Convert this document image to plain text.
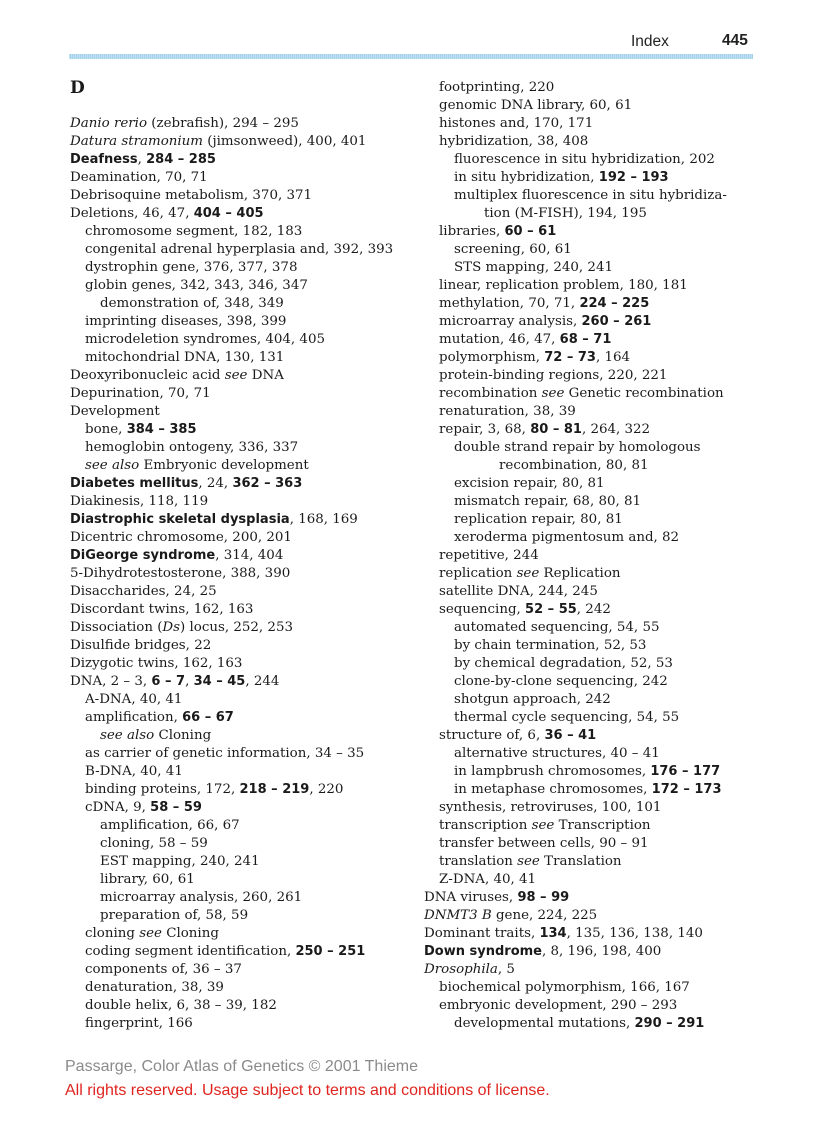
Index	445
D
Danio rerio (zebrafish), 294 – 295
Datura stramonium (jimsonweed), 400, 401
Deafness, 284 – 285
Deamination, 70, 71
Debrisoquine metabolism, 370, 371
Deletions, 46, 47, 404 – 405
chromosome segment, 182, 183
congenital adrenal hyperplasia and, 392, 393
dystrophin gene, 376, 377, 378
globin genes, 342, 343, 346, 347
demonstration of, 348, 349
imprinting diseases, 398, 399
microdeletion syndromes, 404, 405
mitochondrial DNA, 130, 131
Deoxyribonucleic acid see DNA
Depurination, 70, 71
Development
bone, 384 – 385
hemoglobin ontogeny, 336, 337
see also Embryonic development
Diabetes mellitus, 24, 362 – 363
Diakinesis, 118, 119
Diastrophic skeletal dysplasia, 168, 169
Dicentric chromosome, 200, 201
DiGeorge syndrome, 314, 404
5-Dihydrotestosterone, 388, 390
Disaccharides, 24, 25
Discordant twins, 162, 163
Dissociation (Ds) locus, 252, 253
Disulfide bridges, 22
Dizygotic twins, 162, 163
DNA, 2 – 3, 6 – 7, 34 – 45, 244
A-DNA, 40, 41
amplification, 66 – 67
see also Cloning
as carrier of genetic information, 34 – 35
B-DNA, 40, 41
binding proteins, 172, 218 – 219, 220
cDNA, 9, 58 – 59
amplification, 66, 67
cloning, 58 – 59
EST mapping, 240, 241
library, 60, 61
microarray analysis, 260, 261
preparation of, 58, 59
cloning see Cloning
coding segment identification, 250 – 251
components of, 36 – 37
denaturation, 38, 39
double helix, 6, 38 – 39, 182
fingerprint, 166
footprinting, 220
genomic DNA library, 60, 61
histones and, 170, 171
hybridization, 38, 408
fluorescence in situ hybridization, 202
in situ hybridization, 192 – 193
multiplex fluorescence in situ hybridiza-
tion (M-FISH), 194, 195
libraries, 60 – 61
screening, 60, 61
STS mapping, 240, 241
linear, replication problem, 180, 181
methylation, 70, 71, 224 – 225
microarray analysis, 260 – 261
mutation, 46, 47, 68 – 71
polymorphism, 72 – 73, 164
protein-binding regions, 220, 221
recombination see Genetic recombination
renaturation, 38, 39
repair, 3, 68, 80 – 81, 264, 322
double strand repair by homologous
recombination, 80, 81
excision repair, 80, 81
mismatch repair, 68, 80, 81
replication repair, 80, 81
xeroderma pigmentosum and, 82
repetitive, 244
replication see Replication
satellite DNA, 244, 245
sequencing, 52 – 55, 242
automated sequencing, 54, 55
by chain termination, 52, 53
by chemical degradation, 52, 53
clone-by-clone sequencing, 242
shotgun approach, 242
thermal cycle sequencing, 54, 55
structure of, 6, 36 – 41
alternative structures, 40 – 41
in lampbrush chromosomes, 176 – 177
in metaphase chromosomes, 172 – 173
synthesis, retroviruses, 100, 101
transcription see Transcription
transfer between cells, 90 – 91
translation see Translation
Z-DNA, 40, 41
DNA viruses, 98 – 99
DNMT3 B gene, 224, 225
Dominant traits, 134, 135, 136, 138, 140
Down syndrome, 8, 196, 198, 400
Drosophila, 5
biochemical polymorphism, 166, 167
embryonic development, 290 – 293
developmental mutations, 290 – 291
Passarge, Color Atlas of Genetics © 2001 Thieme
All rights reserved. Usage subject to terms and conditions of license.
